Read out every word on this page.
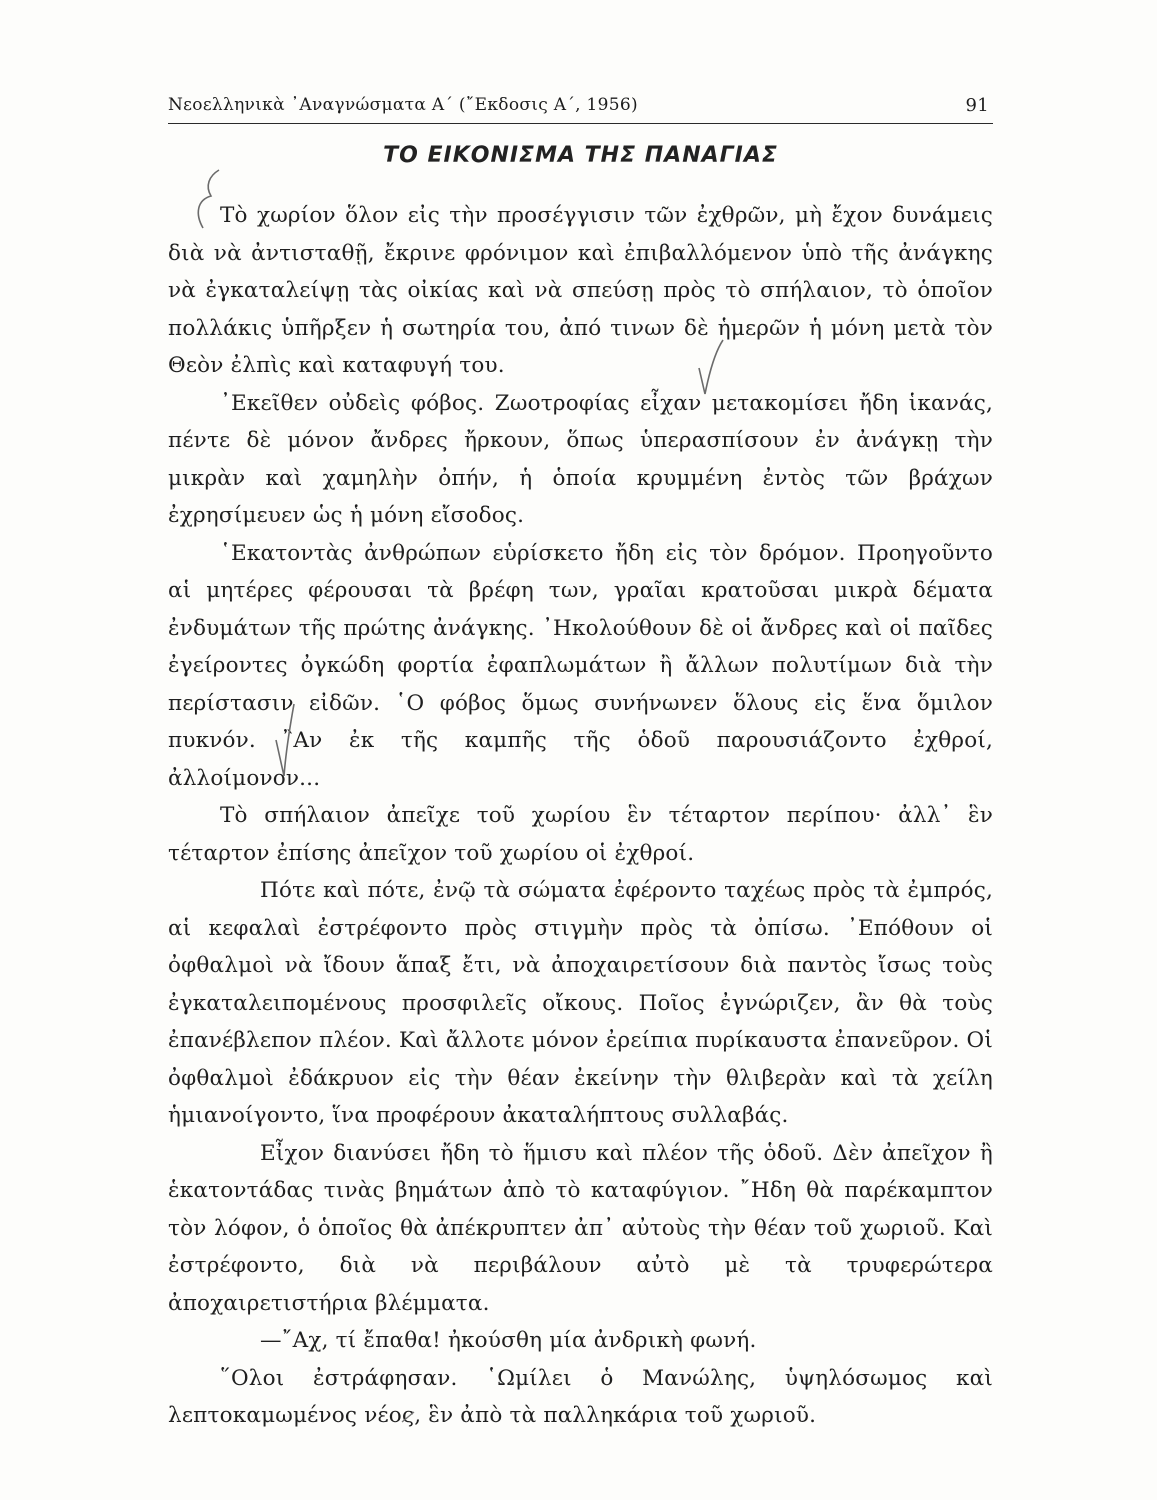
Νεοελληνικὰ ᾿Αναγνώσματα Α΄ (῎Εκδοσις Α΄, 1956)	91
ΤΟ ΕΙΚΟΝΙΣΜΑ ΤΗΣ ΠΑΝΑΓΙΑΣ

Τὸ χωρίον ὅλον εἰς τὴν προσέγγισιν τῶν ἐχθρῶν, μὴ ἔχον δυνάμεις διὰ νὰ ἀντισταθῇ, ἔκρινε φρόνιμον καὶ ἐπιβαλλόμενον ὑπὸ τῆς ἀνάγκης νὰ ἐγκαταλείψῃ τὰς οἰκίας καὶ νὰ σπεύσῃ πρὸς τὸ σπήλαιον, τὸ ὁποῖον πολλάκις ὑπῆρξεν ἡ σωτηρία του, ἀπό τινων δὲ ἡμερῶν ἡ μόνη μετὰ τὸν Θεὸν ἐλπὶς καὶ καταφυγή του.

᾿Εκεῖθεν οὐδεὶς φόβος. Ζωοτροφίας εἶχαν μετακομίσει ἤδη ἱκανάς, πέντε δὲ μόνον ἄνδρες ἤρκουν, ὅπως ὑπερασπίσουν ἐν ἀνάγκῃ τὴν μικρὰν καὶ χαμηλὴν ὀπήν, ἡ ὁποία κρυμμένη ἐντὸς τῶν βράχων ἐχρησίμευεν ὡς ἡ μόνη εἴσοδος.

῾Εκατοντὰς ἀνθρώπων εὑρίσκετο ἤδη εἰς τὸν δρόμον. Προηγοῦντο αἱ μητέρες φέρουσαι τὰ βρέφη των, γραῖαι κρατοῦσαι μικρὰ δέματα ἐνδυμάτων τῆς πρώτης ἀνάγκης. ᾿Ηκολούθουν δὲ οἱ ἄνδρες καὶ οἱ παῖδες ἐγείροντες ὀγκώδη φορτία ἐφαπλωμάτων ἢ ἄλλων πολυτίμων διὰ τὴν περίστασιν εἰδῶν. ῾Ο φόβος ὅμως συνήνωνεν ὅλους εἰς ἕνα ὅμιλον πυκνόν. ῍Αν ἐκ τῆς καμπῆς τῆς ὁδοῦ παρουσιάζοντο ἐχθροί, ἀλλοίμονον...

Τὸ σπήλαιον ἀπεῖχε τοῦ χωρίου ἓν τέταρτον περίπου· ἀλλ᾿ ἓν τέταρτον ἐπίσης ἀπεῖχον τοῦ χωρίου οἱ ἐχθροί.

Πότε καὶ πότε, ἐνῷ τὰ σώματα ἐφέροντο ταχέως πρὸς τὰ ἐμπρός, αἱ κεφαλαὶ ἐστρέφοντο πρὸς στιγμὴν πρὸς τὰ ὀπίσω. ᾿Επόθουν οἱ ὀφθαλμοὶ νὰ ἴδουν ἅπαξ ἔτι, νὰ ἀποχαιρετίσουν διὰ παντὸς ἴσως τοὺς ἐγκαταλειπομένους προσφιλεῖς οἴκους. Ποῖος ἐγνώριζεν, ἂν θὰ τοὺς ἐπανέβλεπον πλέον. Καὶ ἄλλοτε μόνον ἐρείπια πυρίκαυστα ἐπανεῦρον. Οἱ ὀφθαλμοὶ ἐδάκρυον εἰς τὴν θέαν ἐκείνην τὴν θλιβερὰν καὶ τὰ χείλη ἡμιανοίγοντο, ἵνα προφέρουν ἀκαταλήπτους συλλαβάς.

Εἶχον διανύσει ἤδη τὸ ἥμισυ καὶ πλέον τῆς ὁδοῦ. Δὲν ἀπεῖχον ἢ ἑκατοντάδας τινὰς βημάτων ἀπὸ τὸ καταφύγιον. ῎Ηδη θὰ παρέκαμπτον τὸν λόφον, ὁ ὁποῖος θὰ ἀπέκρυπτεν ἀπ᾿ αὐτοὺς τὴν θέαν τοῦ χωριοῦ. Καὶ ἐστρέφοντο, διὰ νὰ περιβάλουν αὐτὸ μὲ τὰ τρυφερώτερα ἀποχαιρετιστήρια βλέμματα.

—῎Αχ, τί ἔπαθα! ἠκούσθη μία ἀνδρικὴ φωνή.

῞Ολοι ἐστράφησαν. ῾Ωμίλει ὁ Μανώλης, ὑψηλόσωμος καὶ λεπτοκαμωμένος νέος, ἓν ἀπὸ τὰ παλληκάρια τοῦ χωριοῦ.
